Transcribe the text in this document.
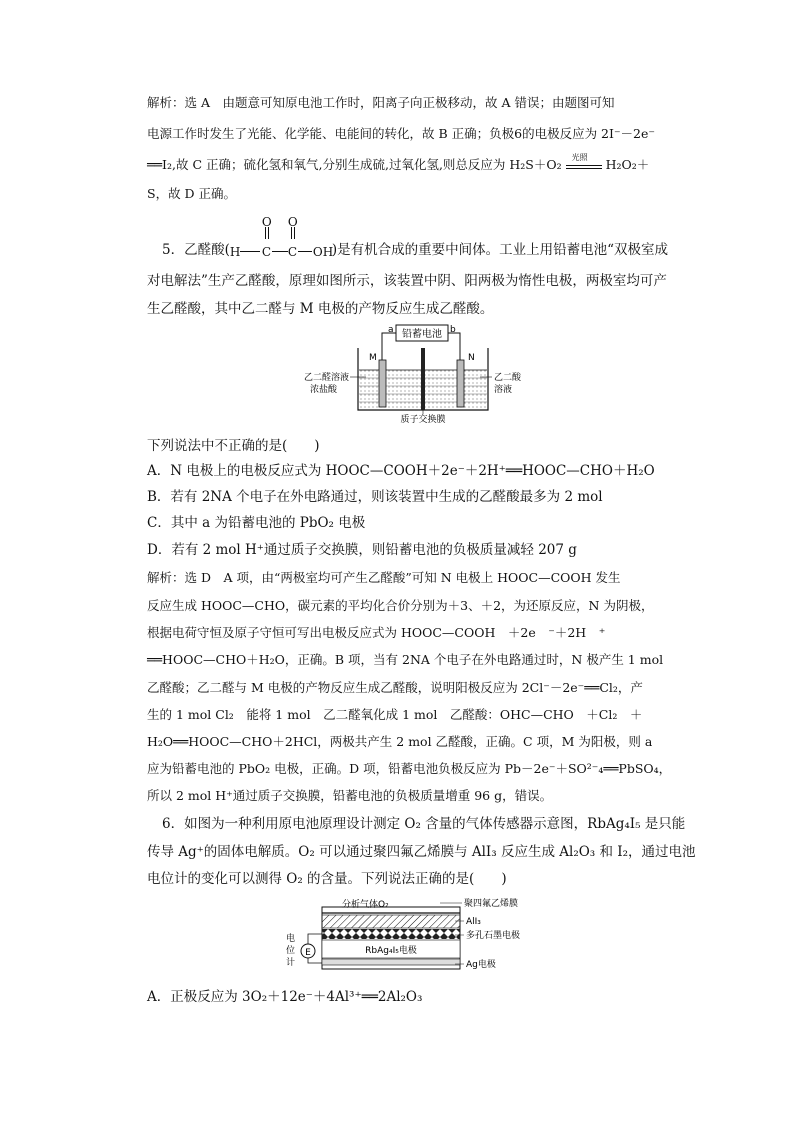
解析：选 A　由题意可知原电池工作时，阳离子向正极移动，故 A 错误；由题图可知
电源工作时发生了光能、化学能、电能间的转化，故 B 正确；负极6的电极反应为 2I⁻－2e⁻
══I₂,故 C 正确；硫化氢和氧气,分别生成硫,过氧化氢,则总反应为 H₂S＋O₂ 光照 H₂O₂＋
S，故 D 正确。
5．乙醛酸(
O O
H C C OH
)是有机合成的重要中间体。工业上用铅蓄电池“双极室成
对电解法”生产乙醛酸，原理如图所示，该装置中阴、阳两极为惰性电极，两极室均可产
生乙醛酸，其中乙二醛与 M 电极的产物反应生成乙醛酸。
铅蓄电池
a	b
M	N
乙二醛溶液
浓盐酸
乙二酸
溶液
质子交换膜
下列说法中不正确的是(　　)
A．N 电极上的电极反应式为 HOOC—COOH＋2e⁻＋2H⁺══HOOC—CHO＋H₂O
B．若有 2NA 个电子在外电路通过，则该装置中生成的乙醛酸最多为 2 mol
C．其中 a 为铅蓄电池的 PbO₂ 电极
D．若有 2 mol H⁺通过质子交换膜，则铅蓄电池的负极质量减轻 207 g
解析：选 D　A 项，由“两极室均可产生乙醛酸”可知 N 电极上 HOOC—COOH 发生
反应生成 HOOC—CHO，碳元素的平均化合价分别为＋3、＋2，为还原反应，N 为阴极，
根据电荷守恒及原子守恒可写出电极反应式为 HOOC—COOH　＋2e　⁻＋2H　⁺
══HOOC—CHO＋H₂O，正确。B 项，当有 2NA 个电子在外电路通过时，N 极产生 1 mol
乙醛酸；乙二醛与 M 电极的产物反应生成乙醛酸，说明阳极反应为 2Cl⁻－2e⁻══Cl₂，产
生的 1 mol Cl₂　能将 1 mol　乙二醛氧化成 1 mol　乙醛酸：OHC—CHO　＋Cl₂　＋
H₂O══HOOC—CHO＋2HCl，两极共产生 2 mol 乙醛酸，正确。C 项，M 为阳极，则 a
应为铅蓄电池的 PbO₂ 电极，正确。D 项，铅蓄电池负极反应为 Pb－2e⁻＋SO²⁻₄══PbSO₄，
所以 2 mol H⁺通过质子交换膜，铅蓄电池的负极质量增重 96 g，错误。
6．如图为一种利用原电池原理设计测定 O₂ 含量的气体传感器示意图，RbAg₄I₅ 是只能
传导 Ag⁺的固体电解质。O₂ 可以通过聚四氟乙烯膜与 AlI₃ 反应生成 Al₂O₃ 和 I₂，通过电池
电位计的变化可以测得 O₂ 的含量。下列说法正确的是(　　)
分析气体O₂
RbAg₄I₅电极
聚四氟乙烯膜
AlI₃
多孔石墨电极
Ag电极
电
位
计
E
A．正极反应为 3O₂＋12e⁻＋4Al³⁺══2Al₂O₃
